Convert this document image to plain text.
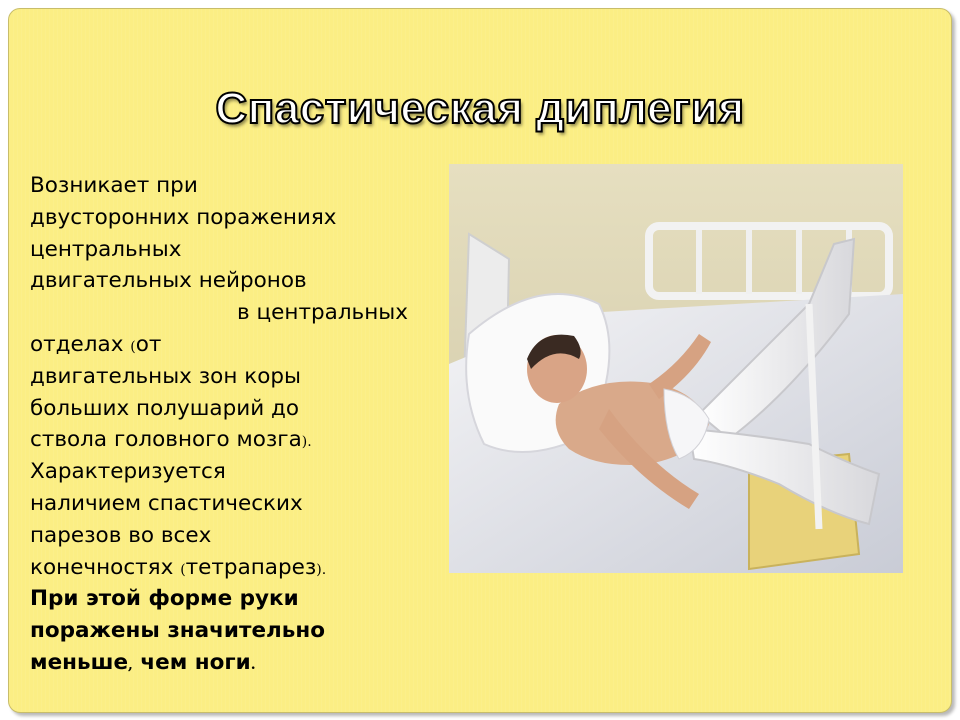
Спастическая диплегия
Возникает при
двусторонних поражениях
центральных
двигательных нейронов
в центральных
отделах (от
двигательных зон коры
больших полушарий до
ствола головного мозга).
Характеризуется
наличием спастических
парезов во всех
конечностях (тетрапарез).
При этой форме руки
поражены значительно
меньше, чем ноги.
